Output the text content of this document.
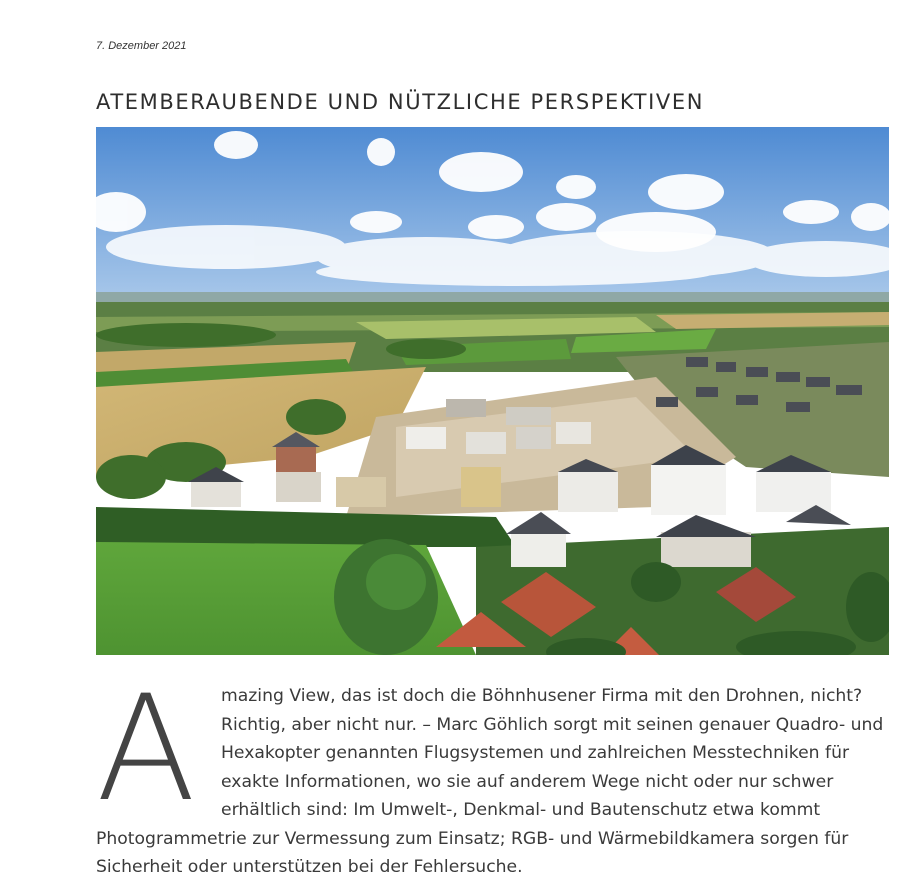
7. Dezember 2021
ATEMBERAUBENDE UND NÜTZLICHE PERSPEKTIVEN
A	mazing View, das ist doch die Böhnhusener Firma mit den Drohnen, nicht? Richtig, aber nicht nur. – Marc Göhlich sorgt mit seinen genauer Quadro- und Hexakopter genannten Flugsystemen und zahlreichen Messtechniken für exakte Informationen, wo sie auf anderem Wege nicht oder nur schwer erhältlich sind: Im Umwelt-, Denkmal- und Bautenschutz etwa kommt Photogrammetrie zur Vermessung zum Einsatz; RGB- und Wärmebildkamera sorgen für Sicherheit oder unterstützen bei der Fehlersuche.
